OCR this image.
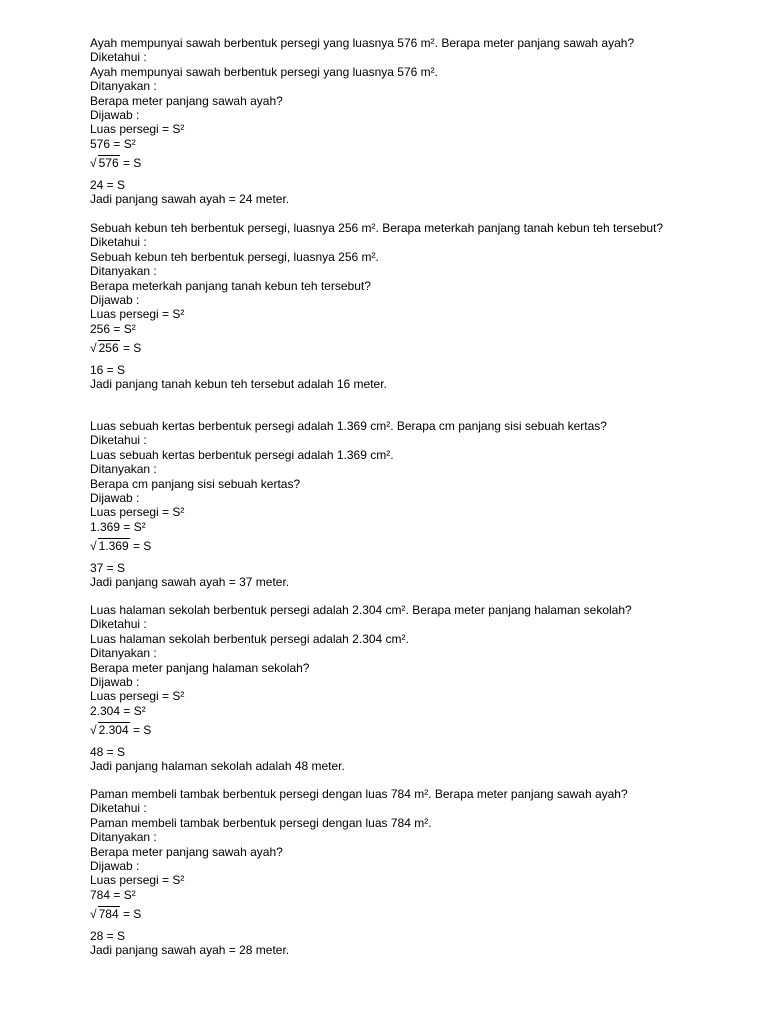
Ayah mempunyai sawah berbentuk persegi yang luasnya 576 m². Berapa meter panjang sawah ayah?
Diketahui :
Ayah mempunyai sawah berbentuk persegi yang luasnya 576 m².
Ditanyakan :
Berapa meter panjang sawah ayah?
Dijawab :
Luas persegi = S²
576 = S²
√ 576 = S
24 = S
Jadi panjang sawah ayah = 24 meter.
Sebuah kebun teh berbentuk persegi, luasnya 256 m². Berapa meterkah panjang tanah kebun teh tersebut?
Diketahui :
Sebuah kebun teh berbentuk persegi, luasnya 256 m².
Ditanyakan :
Berapa meterkah panjang tanah kebun teh tersebut?
Dijawab :
Luas persegi = S²
256 = S²
√ 256 = S
16 = S
Jadi panjang tanah kebun teh tersebut adalah 16 meter.
Luas sebuah kertas berbentuk persegi adalah 1.369 cm². Berapa cm panjang sisi sebuah kertas?
Diketahui :
Luas sebuah kertas berbentuk persegi adalah 1.369 cm².
Ditanyakan :
Berapa cm panjang sisi sebuah kertas?
Dijawab :
Luas persegi = S²
1.369 = S²
√ 1.369 = S
37 = S
Jadi panjang sawah ayah = 37 meter.
Luas halaman sekolah berbentuk persegi adalah 2.304 cm². Berapa meter panjang halaman sekolah?
Diketahui :
Luas halaman sekolah berbentuk persegi adalah 2.304 cm².
Ditanyakan :
Berapa meter panjang halaman sekolah?
Dijawab :
Luas persegi = S²
2.304 = S²
√ 2.304 = S
48 = S
Jadi panjang halaman sekolah adalah 48 meter.
Paman membeli tambak berbentuk persegi dengan luas 784 m². Berapa meter panjang sawah ayah?
Diketahui :
Paman membeli tambak berbentuk persegi dengan luas 784 m².
Ditanyakan :
Berapa meter panjang sawah ayah?
Dijawab :
Luas persegi = S²
784 = S²
√ 784 = S
28 = S
Jadi panjang sawah ayah = 28 meter.
